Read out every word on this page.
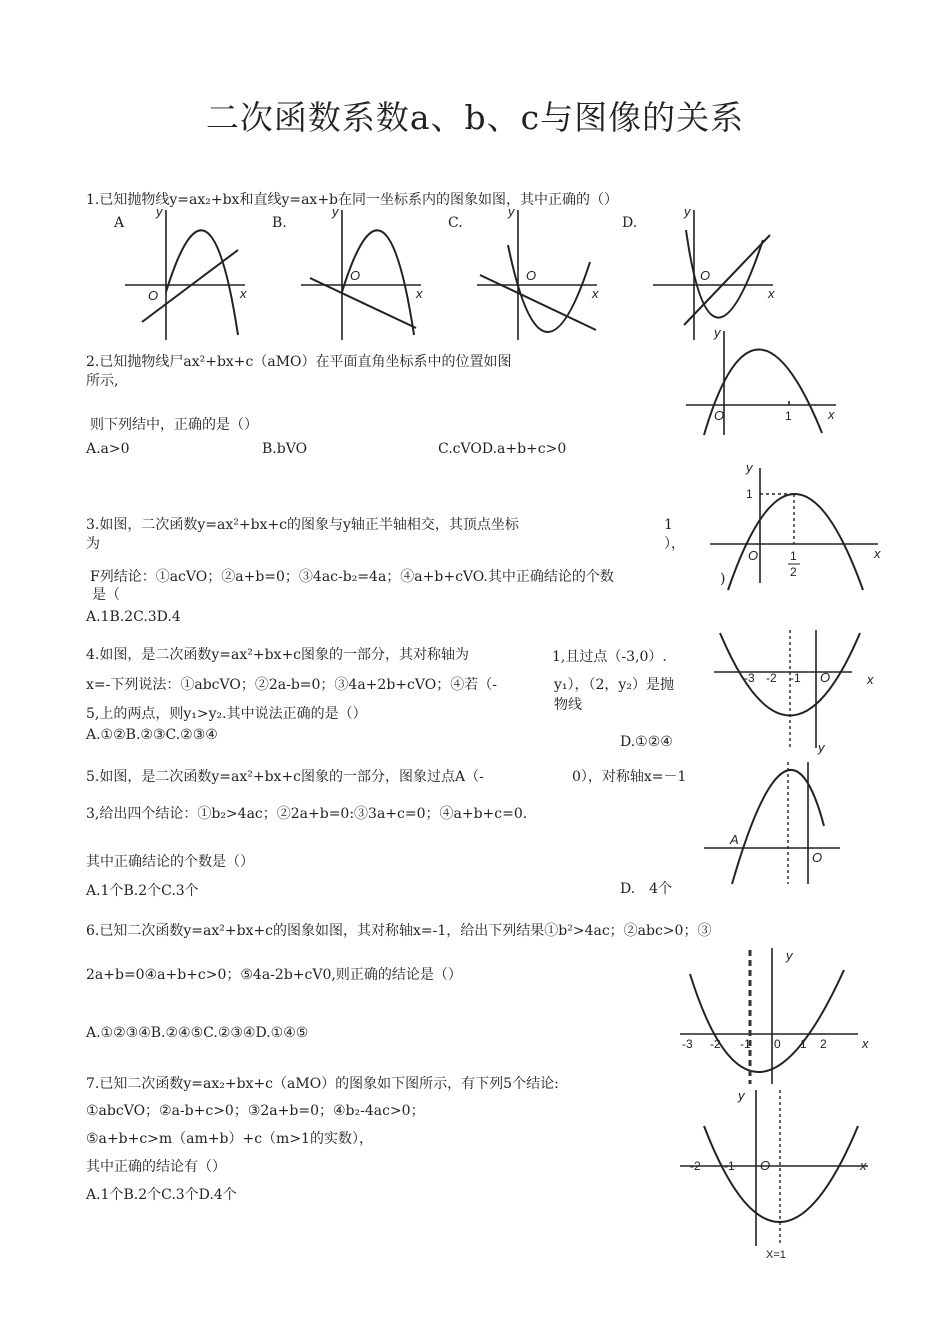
二次函数系数a、b、c与图像的关系
1.已知抛物线y=ax₂+bx和直线y=ax+b在同一坐标系内的图象如图，其中正确的（）
A	B.	C.	D.
y
x
O
y
x
O
y
x
O
y
x
O
2.已知抛物线尸ax²+bx+c（aMO）在平面直角坐标系中的位置如图
所示,
则下列结中，正确的是（）
A.a>0	B.bVO	C.cVOD.a+b+c>0
y
O	1	x
3.如图，二次函数y=ax²+bx+c的图象与y轴正半轴相交，其顶点坐标	1
为	），
F列结论：①acVO；②a+b=0；③4ac-b₂=4a；④a+b+cVO.其中正确结论的个数	)
是（
A.1B.2C.3D.4
y
1
O	1
2
x
4.如图，是二次函数y=ax²+bx+c图象的一部分，其对称轴为	1,且过点（-3,0）.
x=-下列说法：①abcVO；②2a-b=0；③4a+2b+cVO；④若（-	y₁），（2，y₂）是抛
5,上的两点，则y₁>y₂.其中说法正确的是（）
物线
A.①②B.②③C.②③④	D.①②④
-3 -2 -1 O	x
y
5.如图，是二次函数y=ax²+bx+c图象的一部分，图象过点A（-	0），对称轴x=－1
3,给出四个结论：①b₂>4ac；②2a+b=0:③3a+c=0；④a+b+c=0.
其中正确结论的个数是（）
A.1个B.2个C.3个	D.　4个
A
O
6.已知二次函数y=ax²+bx+c的图象如图，其对称轴x=-1，给出下列结果①b²>4ac；②abc>0；③
2a+b=0④a+b+c>0；⑤4a-2b+cV0,则正确的结论是（）
A.①②③④B.②④⑤C.②③④D.①④⑤
y
-3 -2 -1 0 1 2	x
7.已知二次函数y=ax₂+bx+c（aMO）的图象如下图所示，有下列5个结论:
①abcVO；②a-b+c>0；③2a+b=0；④b₂-4ac>0；
⑤a+b+c>m（am+b）+c（m>1的实数），
其中正确的结论有（）
A.1个B.2个C.3个D.4个
y
-2 -1 O	x
X=1
